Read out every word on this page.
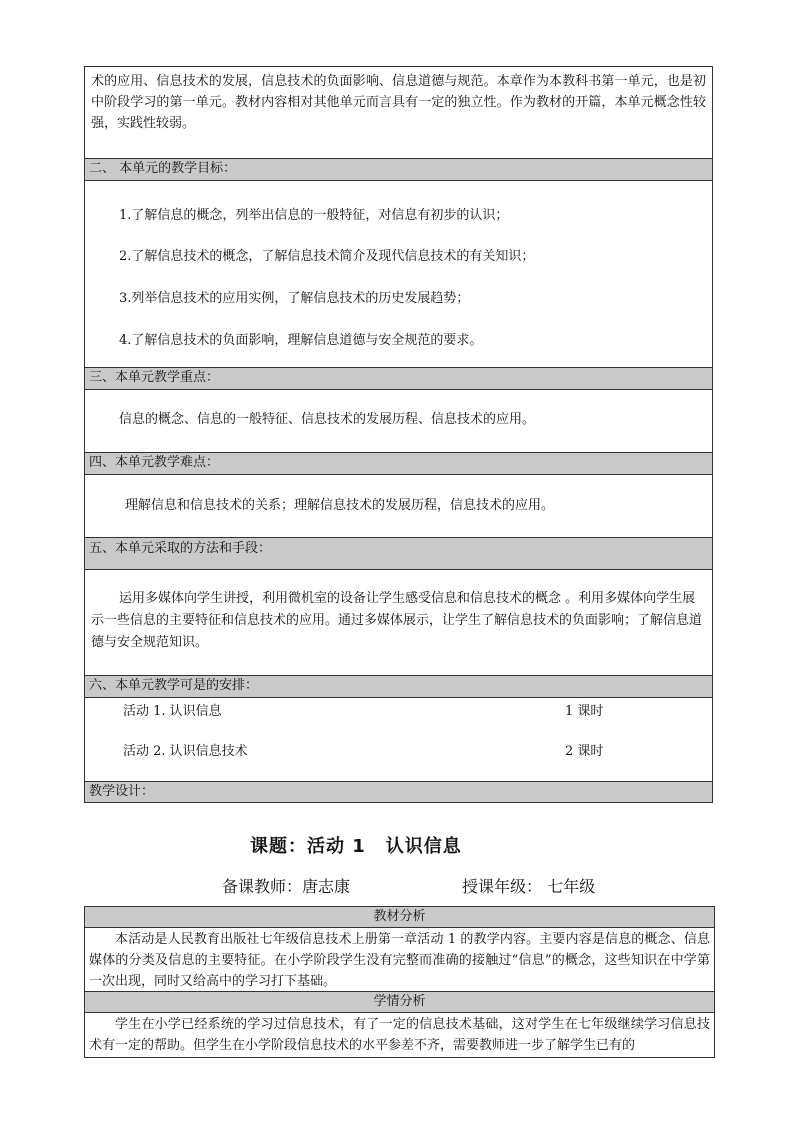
术的应用、信息技术的发展，信息技术的负面影响、信息道德与规范。本章作为本教科书第一单元，也是初中阶段学习的第一单元。教材内容相对其他单元而言具有一定的独立性。作为教材的开篇，本单元概念性较强，实践性较弱。
二、 本单元的教学目标：
1.了解信息的概念，列举出信息的一般特征，对信息有初步的认识；
2.了解信息技术的概念，了解信息技术简介及现代信息技术的有关知识；
3.列举信息技术的应用实例，了解信息技术的历史发展趋势；
4.了解信息技术的负面影响，理解信息道德与安全规范的要求。
三、本单元教学重点：
信息的概念、信息的一般特征、信息技术的发展历程、信息技术的应用。
四、本单元教学难点：
理解信息和信息技术的关系；理解信息技术的发展历程，信息技术的应用。
五、本单元采取的方法和手段：
运用多媒体向学生讲授，利用微机室的设备让学生感受信息和信息技术的概念 。利用多媒体向学生展示一些信息的主要特征和信息技术的应用。通过多媒体展示，让学生了解信息技术的负面影响；了解信息道德与安全规范知识。
六、本单元教学可是的安排：
活动 1. 认识信息	1 课时
活动 2. 认识信息技术	2 课时
教学设计：
课题：活动 1 认识信息
备课教师：唐志康	授课年级： 七年级
教材分析
本活动是人民教育出版社七年级信息技术上册第一章活动 1 的教学内容。主要内容是信息的概念、信息媒体的分类及信息的主要特征。在小学阶段学生没有完整而准确的接触过“信息”的概念，这些知识在中学第一次出现，同时又给高中的学习打下基础。
学情分析
学生在小学已经系统的学习过信息技术，有了一定的信息技术基础，这对学生在七年级继续学习信息技术有一定的帮助。但学生在小学阶段信息技术的水平参差不齐，需要教师进一步了解学生已有的
